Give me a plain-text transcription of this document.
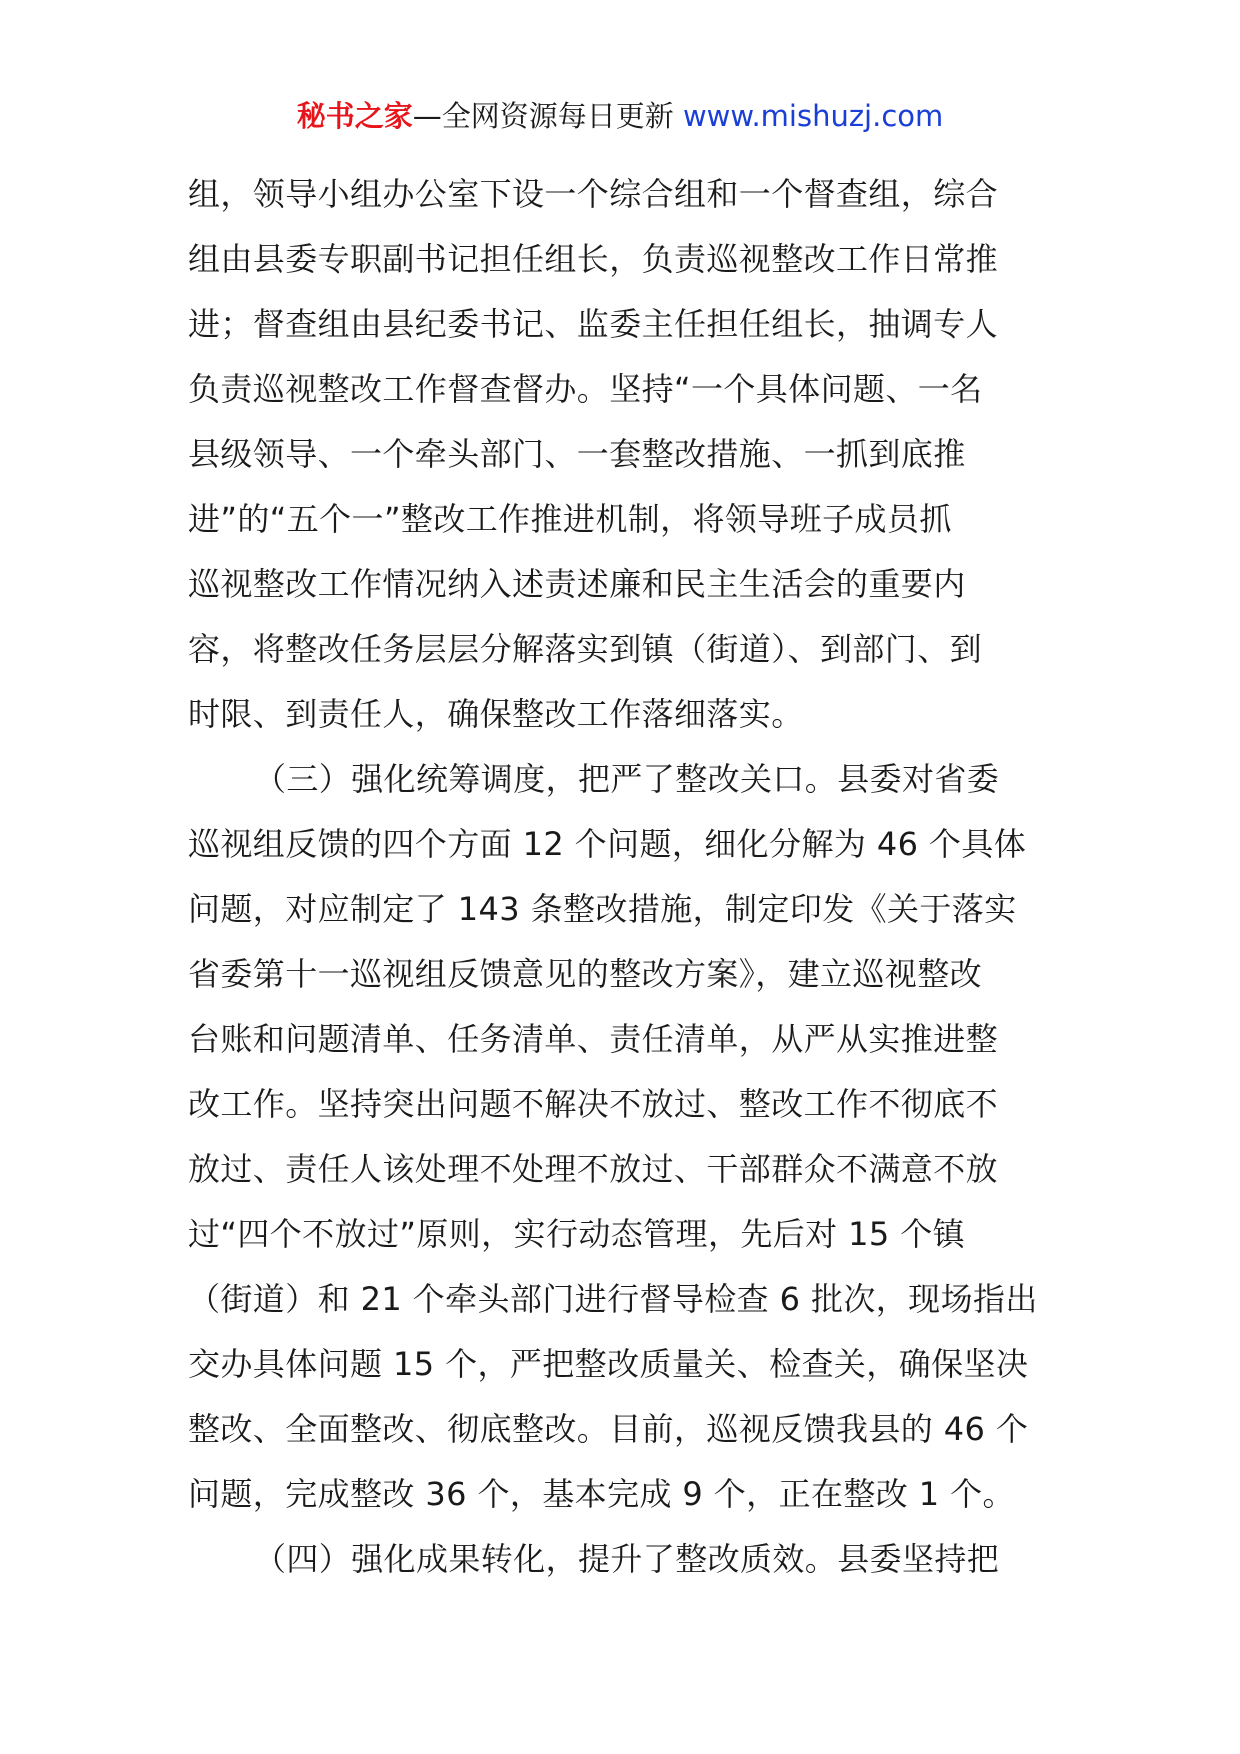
秘书之家—全网资源每日更新 www.mishuzj.com
组，领导小组办公室下设一个综合组和一个督查组，综合
组由县委专职副书记担任组长，负责巡视整改工作日常推
进；督查组由县纪委书记、监委主任担任组长，抽调专人
负责巡视整改工作督查督办。坚持“一个具体问题、一名
县级领导、一个牵头部门、一套整改措施、一抓到底推
进”的“五个一”整改工作推进机制，将领导班子成员抓
巡视整改工作情况纳入述责述廉和民主生活会的重要内
容，将整改任务层层分解落实到镇（街道）、到部门、到
时限、到责任人，确保整改工作落细落实。
（三）强化统筹调度，把严了整改关口。县委对省委
巡视组反馈的四个方面 12 个问题，细化分解为 46 个具体
问题，对应制定了 143 条整改措施，制定印发《关于落实
省委第十一巡视组反馈意见的整改方案》，建立巡视整改
台账和问题清单、任务清单、责任清单，从严从实推进整
改工作。坚持突出问题不解决不放过、整改工作不彻底不
放过、责任人该处理不处理不放过、干部群众不满意不放
过“四个不放过”原则，实行动态管理，先后对 15 个镇
（街道）和 21 个牵头部门进行督导检查 6 批次，现场指出
交办具体问题 15 个，严把整改质量关、检查关，确保坚决
整改、全面整改、彻底整改。目前，巡视反馈我县的 46 个
问题，完成整改 36 个，基本完成 9 个，正在整改 1 个。
（四）强化成果转化，提升了整改质效。县委坚持把
